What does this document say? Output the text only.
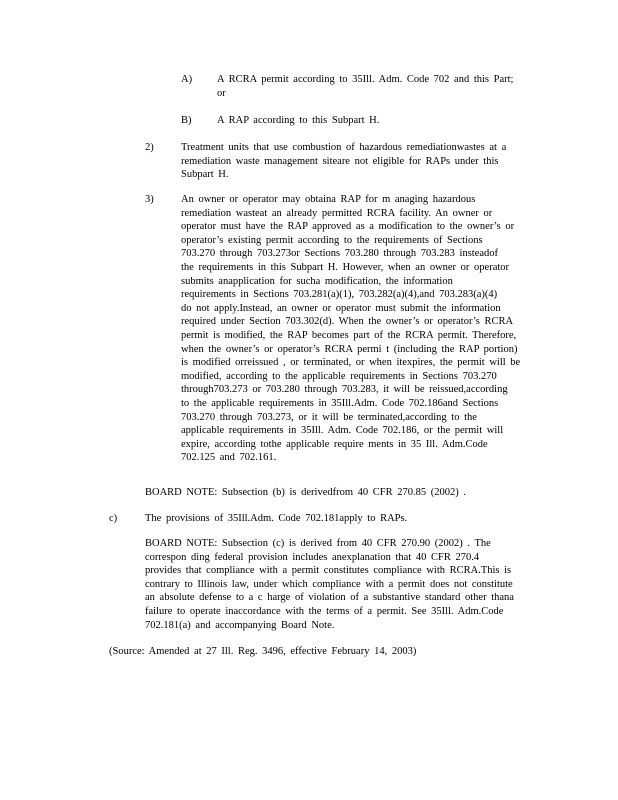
A) A RCRA permit according to 35Ill. Adm. Code 702 and this Part;
or
B) A RAP according to this Subpart H.
2)	Treatment units that use combustion of hazardous remediationwastes at a
remediation waste management siteare not eligible for RAPs under this
Subpart H.
3)	An owner or operator may obtaina RAP for m anaging hazardous
remediation wasteat an already permitted RCRA facility. An owner or
operator must have the RAP approved as a modification to the owner’s or
operator’s existing permit according to the requirements of Sections
703.270 through 703.273or Sections 703.280 through 703.283 insteadof
the requirements in this Subpart H. However, when an owner or operator
submits anapplication for sucha modification, the information
requirements in Sections 703.281(a)(1), 703.282(a)(4),and 703.283(a)(4)
do not apply.Instead, an owner or operator must submit the information
required under Section 703.302(d). When the owner’s or operator’s RCRA
permit is modified, the RAP becomes part of the RCRA permit. Therefore,
when the owner’s or operator’s RCRA permi t (including the RAP portion)
is modified orreissued , or terminated, or when itexpires, the permit will be
modified, according to the applicable requirements in Sections 703.270
through703.273 or 703.280 through 703.283, it will be reissued,according
to the applicable requirements in 35Ill.Adm. Code 702.186and Sections
703.270 through 703.273, or it will be terminated,according to the
applicable requirements in 35Ill. Adm. Code 702.186, or the permit will
expire, according tothe applicable require ments in 35 Ill. Adm.Code
702.125 and 702.161.
BOARD NOTE: Subsection (b) is derivedfrom 40 CFR 270.85 (2002) .
c)	The provisions of 35Ill.Adm. Code 702.181apply to RAPs.
BOARD NOTE: Subsection (c) is derived from 40 CFR 270.90 (2002) . The
correspon ding federal provision includes anexplanation that 40 CFR 270.4
provides that compliance with a permit constitutes compliance with RCRA.This is
contrary to Illinois law, under which compliance with a permit does not constitute
an absolute defense to a c harge of violation of a substantive standard other thana
failure to operate inaccordance with the terms of a permit. See 35Ill. Adm.Code
702.181(a) and accompanying Board Note.
(Source: Amended at 27 Ill. Reg. 3496, effective February 14, 2003)
